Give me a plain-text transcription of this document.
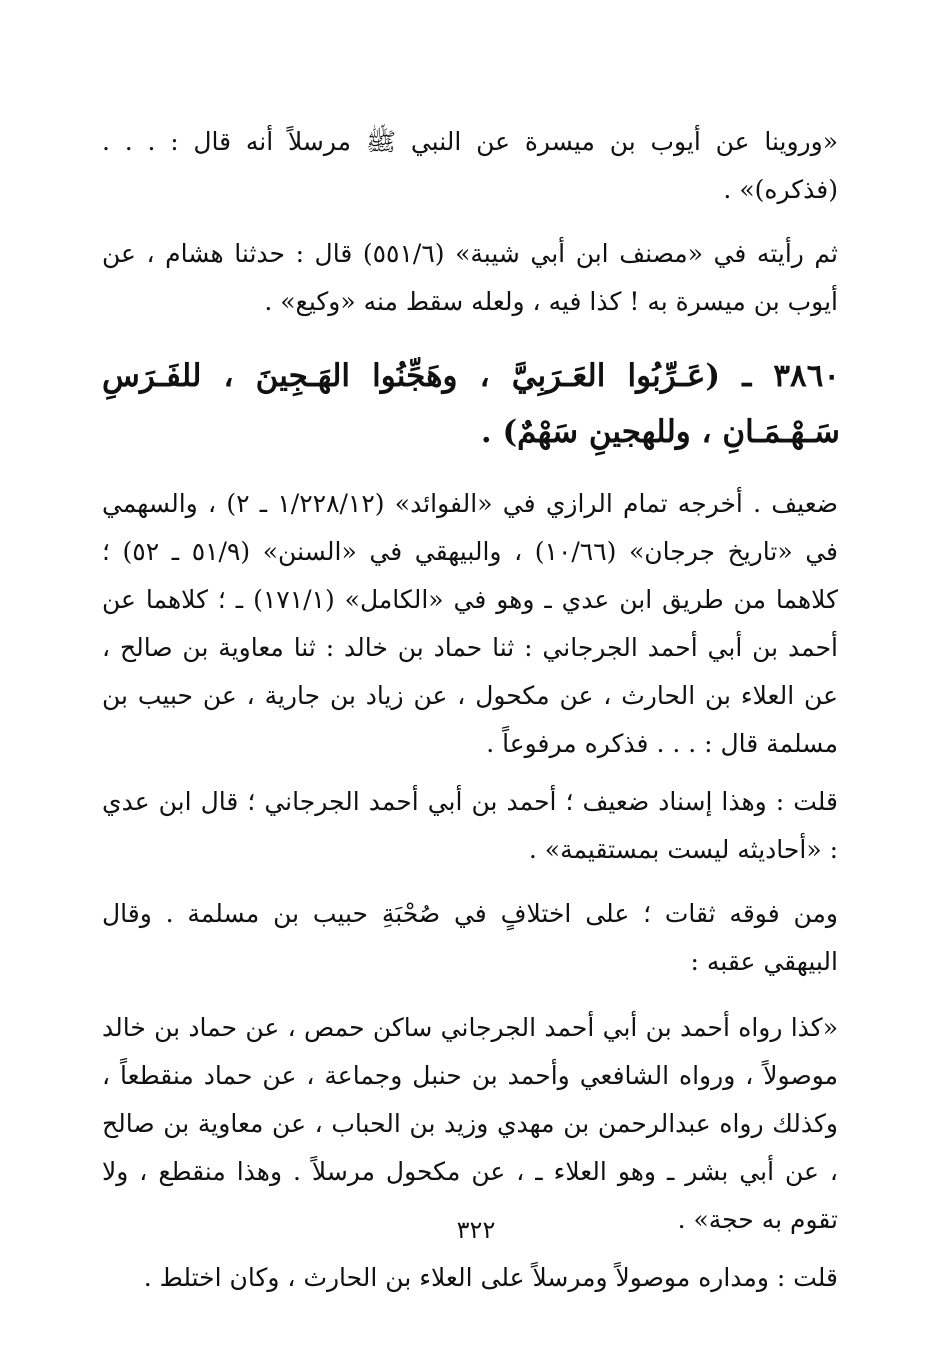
«وروينا عن أيوب بن ميسرة عن النبي ﷺ مرسلاً أنه قال : . . . (فذكره)» .

ثم رأيته في «مصنف ابن أبي شيبة» (٥٥١/٦) قال : حدثنا هشام ، عن أيوب بن ميسرة به ! كذا فيه ، ولعله سقط منه «وكيع» .

٣٨٦٠ ـ (عَـرِّبُوا العَـرَبِيَّ ، وهَجِّنُوا الهَـجِينَ ، للفَـرَسِ سَـهْـمَـانِ ، وللهجينِ سَهْمٌ) .

ضعيف . أخرجه تمام الرازي في «الفوائد» (١/٢٢٨/١٢ ـ ٢) ، والسهمي في «تاريخ جرجان» (١٠/٦٦) ، والبيهقي في «السنن» (٥١/٩ ـ ٥٢) ؛ كلاهما من طريق ابن عدي ـ وهو في «الكامل» (١٧١/١) ـ ؛ كلاهما عن أحمد بن أبي أحمد الجرجاني : ثنا حماد بن خالد : ثنا معاوية بن صالح ، عن العلاء بن الحارث ، عن مكحول ، عن زياد بن جارية ، عن حبيب بن مسلمة قال : . . . فذكره مرفوعاً .

قلت : وهذا إسناد ضعيف ؛ أحمد بن أبي أحمد الجرجاني ؛ قال ابن عدي : «أحاديثه ليست بمستقيمة» .

ومن فوقه ثقات ؛ على اختلافٍ في صُحْبَةِ حبيب بن مسلمة . وقال البيهقي عقبه :

«كذا رواه أحمد بن أبي أحمد الجرجاني ساكن حمص ، عن حماد بن خالد موصولاً ، ورواه الشافعي وأحمد بن حنبل وجماعة ، عن حماد منقطعاً ، وكذلك رواه عبدالرحمن بن مهدي وزيد بن الحباب ، عن معاوية بن صالح ، عن أبي بشر ـ وهو العلاء ـ ، عن مكحول مرسلاً . وهذا منقطع ، ولا تقوم به حجة» .

قلت : ومداره موصولاً ومرسلاً على العلاء بن الحارث ، وكان اختلط .

٣٢٢
